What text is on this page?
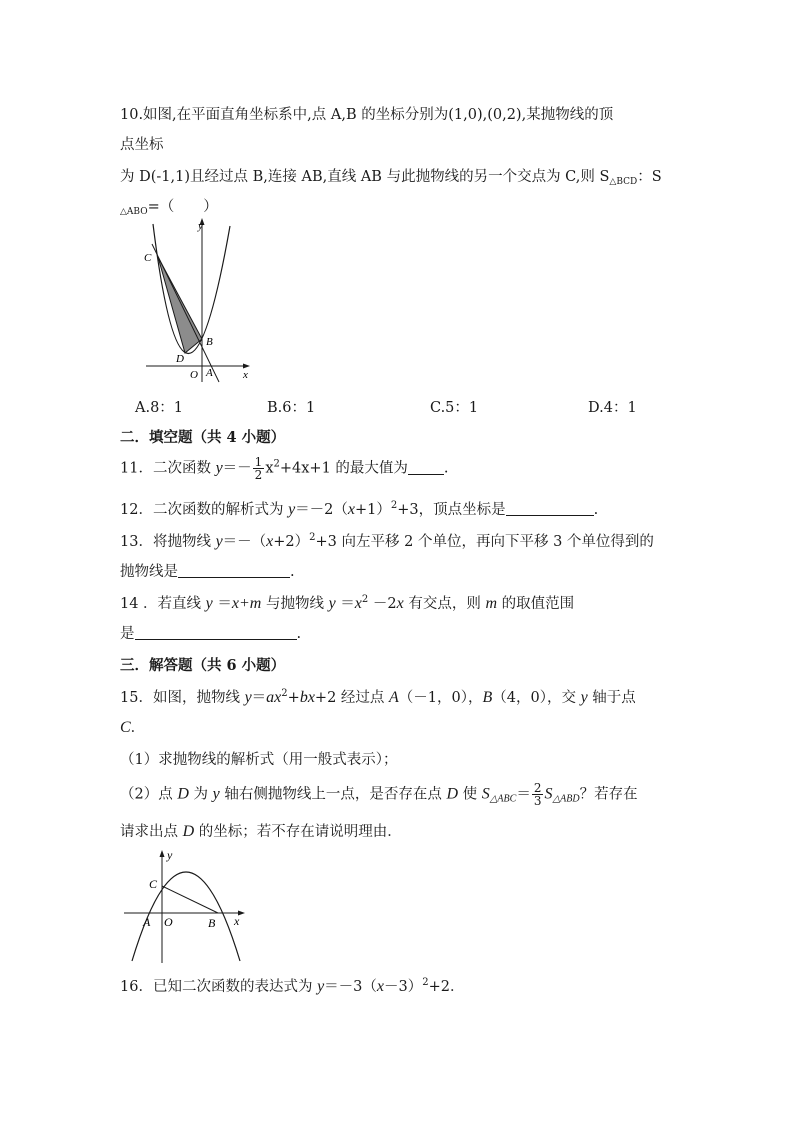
10.如图,在平面直角坐标系中,点 A,B 的坐标分别为(1,0),(0,2),某抛物线的顶
点坐标
为 D(-1,1)且经过点 B,连接 AB,直线 AB 与此抛物线的另一个交点为 C,则 $S_{\triangle BCD}$：S
$_{\triangle ABO}$=（　　）
y
x
C
B
D
O A
A.8：1	B.6：1	C.5：1	D.4：1
二．填空题（共 4 小题）
11．二次函数 $y=- \frac{1}{2} x^2+4x+1$ 的最大值为 .
12．二次函数的解析式为 $y=-2(x+1)^2+3$，顶点坐标是	.
13．将抛物线 $y=-(x+2)^2+3$ 向左平移 2 个单位，再向下平移 3 个单位得到的
抛物线是	.
14 ．若直线 y ＝x+m 与抛物线 $y =x^2 -2x$ 有交点，则 m 的取值范围
是	.
三．解答题（共 6 小题）
15．如图，抛物线 $y=ax^2+bx+2$ 经过点 A（－1，0），B（4，0），交 y 轴于点
C．
（1）求抛物线的解析式（用一般式表示）；
（2）点 D 为 y 轴右侧抛物线上一点，是否存在点 D 使 $S_{\triangle ABC}= \frac{2}{3} S_{\triangle ABD}$？若存在
请求出点 D 的坐标；若不存在请说明理由．
y
x
C
A O	B
16．已知二次函数的表达式为 $y=-3(x-3)^2+2$．
